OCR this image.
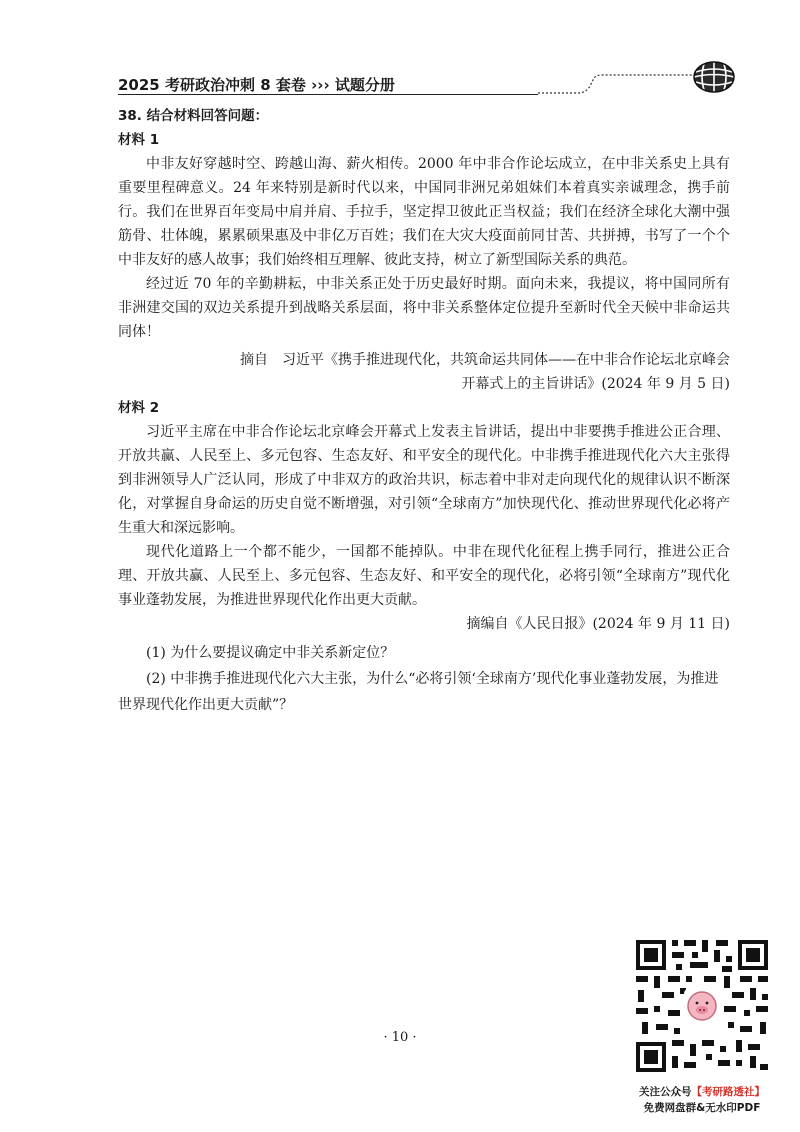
2025 考研政治冲刺 8 套卷 ››› 试题分册

38. 结合材料回答问题：

材料 1

中非友好穿越时空、跨越山海、薪火相传。2000 年中非合作论坛成立，在中非关系史上具有重要里程碑意义。24 年来特别是新时代以来，中国同非洲兄弟姐妹们本着真实亲诚理念，携手前行。我们在世界百年变局中肩并肩、手拉手，坚定捍卫彼此正当权益；我们在经济全球化大潮中强筋骨、壮体魄，累累硕果惠及中非亿万百姓；我们在大灾大疫面前同甘苦、共拼搏，书写了一个个中非友好的感人故事；我们始终相互理解、彼此支持，树立了新型国际关系的典范。

经过近 70 年的辛勤耕耘，中非关系正处于历史最好时期。面向未来，我提议，将中国同所有非洲建交国的双边关系提升到战略关系层面，将中非关系整体定位提升至新时代全天候中非命运共同体！

摘自　习近平《携手推进现代化，共筑命运共同体——在中非合作论坛北京峰会

开幕式上的主旨讲话》(2024 年 9 月 5 日)

材料 2

习近平主席在中非合作论坛北京峰会开幕式上发表主旨讲话，提出中非要携手推进公正合理、开放共赢、人民至上、多元包容、生态友好、和平安全的现代化。中非携手推进现代化六大主张得到非洲领导人广泛认同，形成了中非双方的政治共识，标志着中非对走向现代化的规律认识不断深化，对掌握自身命运的历史自觉不断增强，对引领“全球南方”加快现代化、推动世界现代化必将产生重大和深远影响。

现代化道路上一个都不能少，一国都不能掉队。中非在现代化征程上携手同行，推进公正合理、开放共赢、人民至上、多元包容、生态友好、和平安全的现代化，必将引领“全球南方”现代化事业蓬勃发展，为推进世界现代化作出更大贡献。

摘编自《人民日报》(2024 年 9 月 11 日)

(1) 为什么要提议确定中非关系新定位？

(2) 中非携手推进现代化六大主张，为什么“必将引领‘全球南方’现代化事业蓬勃发展，为推进世界现代化作出更大贡献”？

· 10 ·
关注公众号【考研路透社】
免费网盘群&无水印PDF
